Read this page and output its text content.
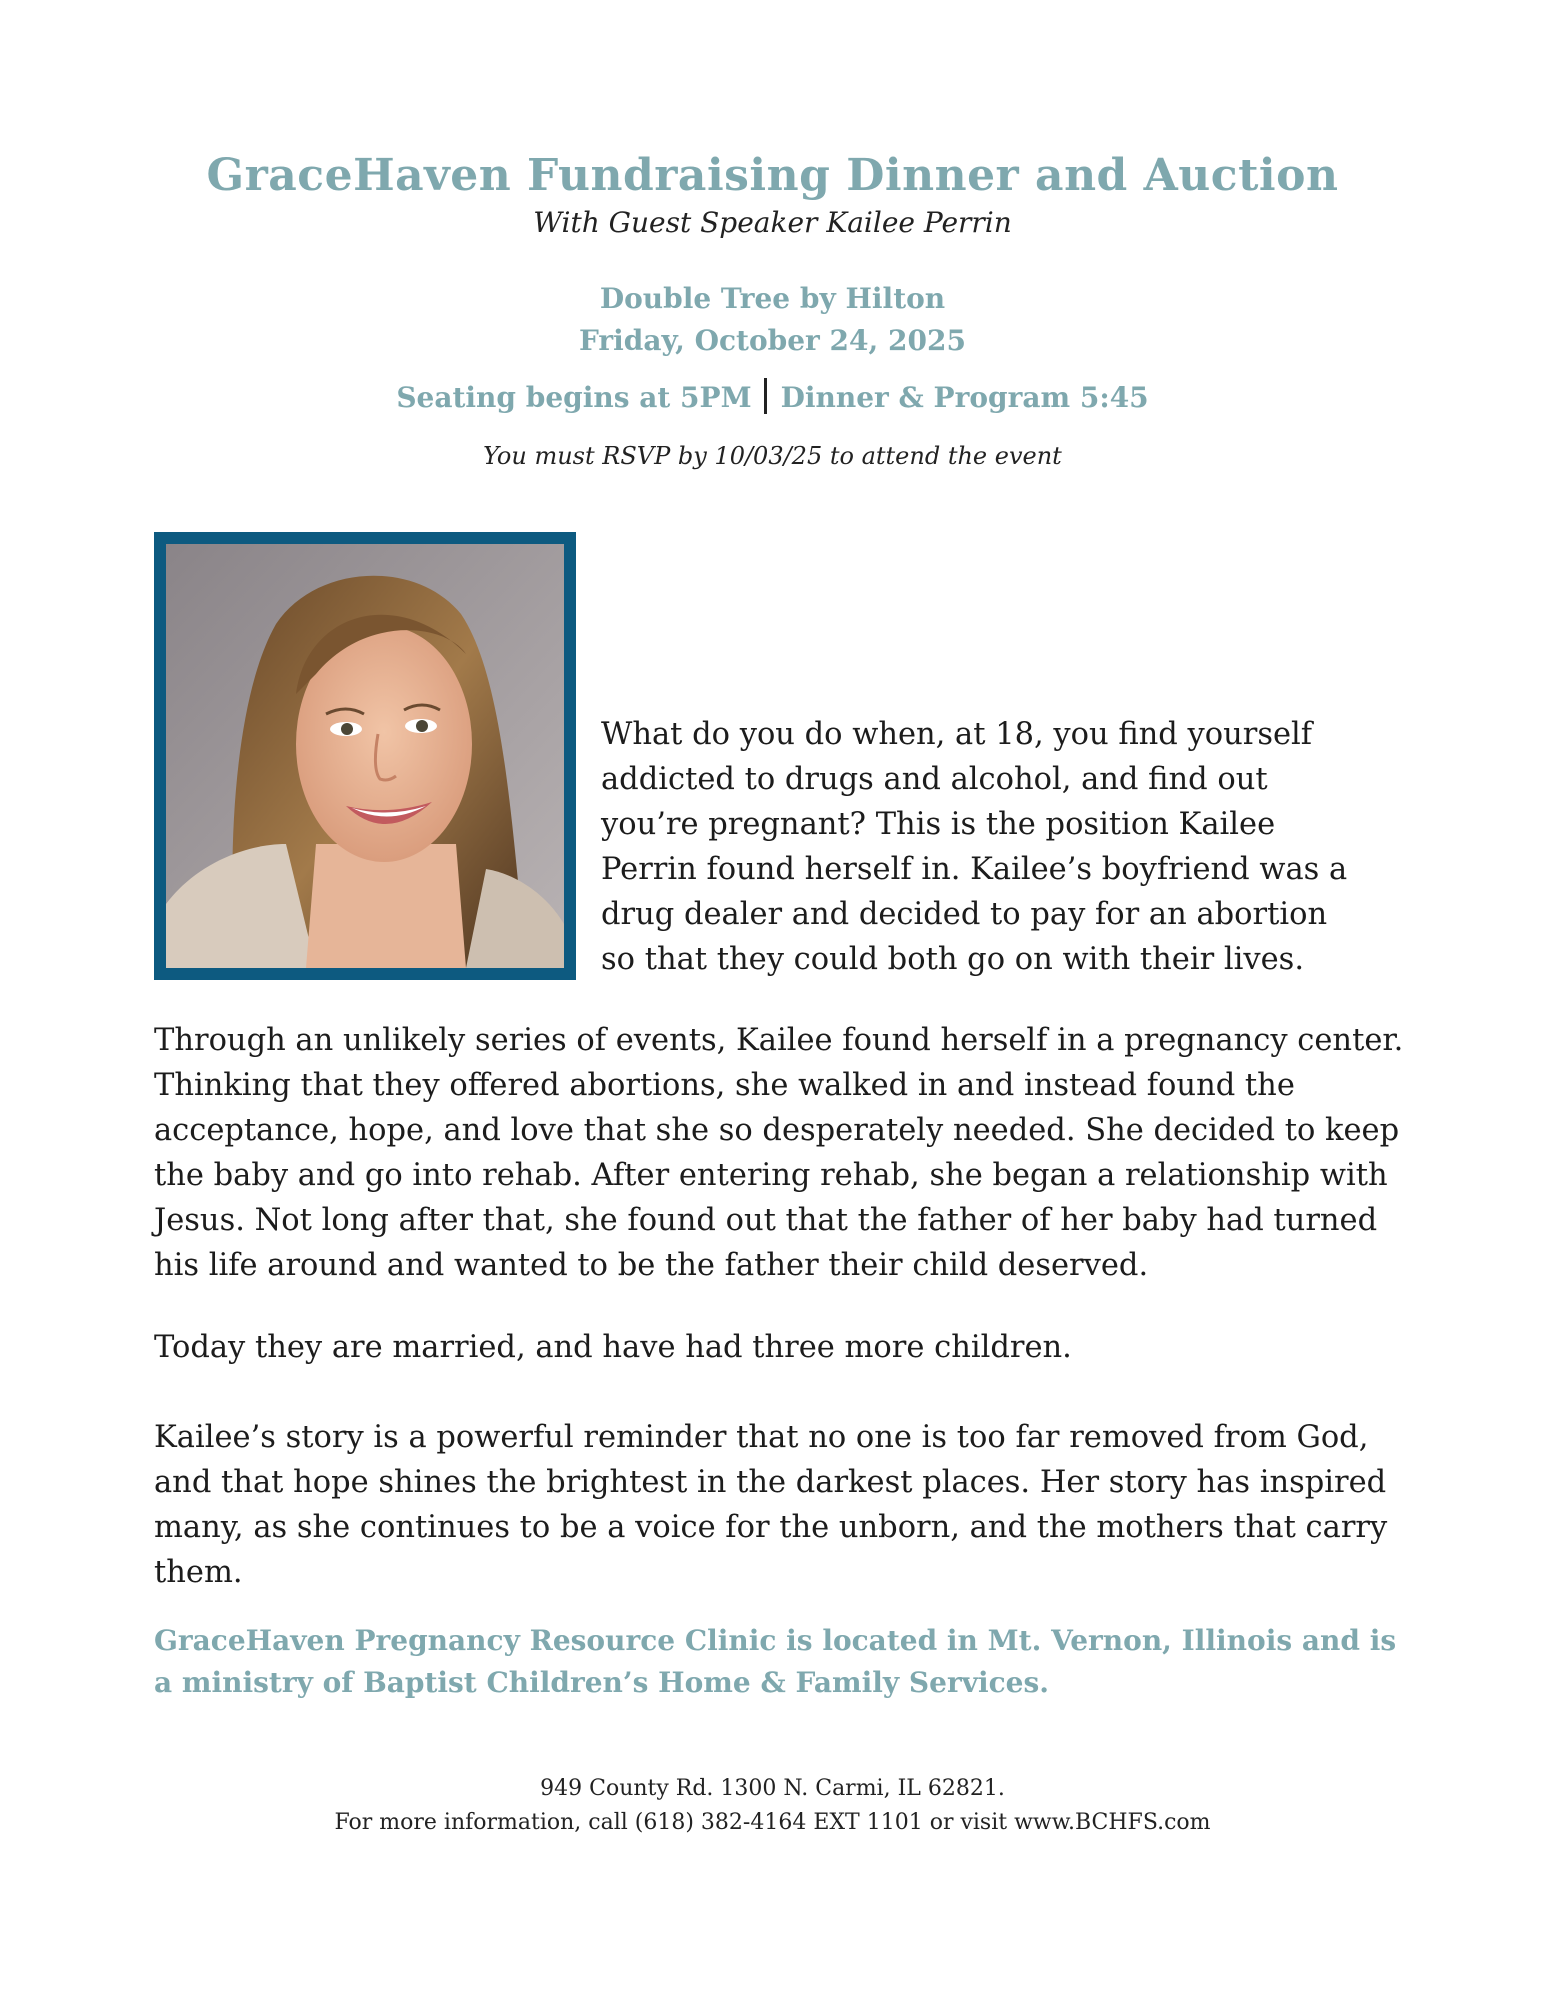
GraceHaven Fundraising Dinner and Auction
With Guest Speaker Kailee Perrin
Double Tree by Hilton
Friday, October 24, 2025
Seating begins at 5PM Dinner & Program 5:45
You must RSVP by 10/03/25 to attend the event
What do you do when, at 18, you find yourself addicted to drugs and alcohol, and find out you’re pregnant? This is the position Kailee Perrin found herself in. Kailee’s boyfriend was a drug dealer and decided to pay for an abortion so that they could both go on with their lives.
Through an unlikely series of events, Kailee found herself in a pregnancy center. Thinking that they offered abortions, she walked in and instead found the acceptance, hope, and love that she so desperately needed. She decided to keep the baby and go into rehab. After entering rehab, she began a relationship with Jesus. Not long after that, she found out that the father of her baby had turned his life around and wanted to be the father their child deserved.
Today they are married, and have had three more children.
Kailee’s story is a powerful reminder that no one is too far removed from God, and that hope shines the brightest in the darkest places. Her story has inspired many, as she continues to be a voice for the unborn, and the mothers that carry them.
GraceHaven Pregnancy Resource Clinic is located in Mt. Vernon, Illinois and is a ministry of Baptist Children’s Home & Family Services.
949 County Rd. 1300 N. Carmi, IL 62821.
For more information, call (618) 382-4164 EXT 1101 or visit www.BCHFS.com
